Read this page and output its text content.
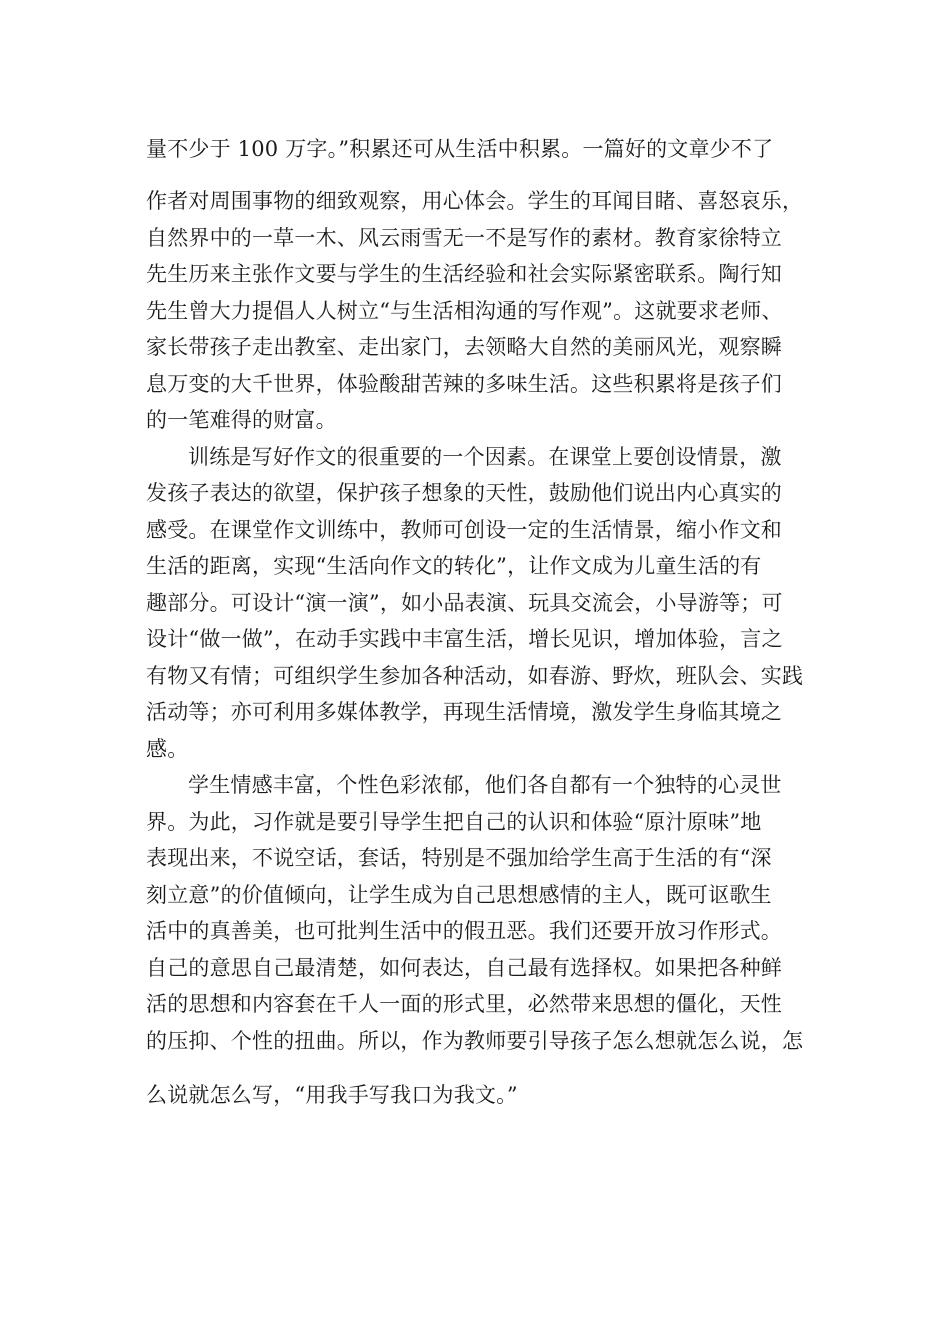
量不少于 100 万字。”积累还可从生活中积累。一篇好的文章少不了
作者对周围事物的细致观察，用心体会。学生的耳闻目睹、喜怒哀乐，
自然界中的一草一木、风云雨雪无一不是写作的素材。教育家徐特立
先生历来主张作文要与学生的生活经验和社会实际紧密联系。陶行知
先生曾大力提倡人人树立“与生活相沟通的写作观”。这就要求老师、
家长带孩子走出教室、走出家门，去领略大自然的美丽风光，观察瞬
息万变的大千世界，体验酸甜苦辣的多味生活。这些积累将是孩子们
的一笔难得的财富。
训练是写好作文的很重要的一个因素。在课堂上要创设情景，激
发孩子表达的欲望，保护孩子想象的天性，鼓励他们说出内心真实的
感受。在课堂作文训练中，教师可创设一定的生活情景，缩小作文和
生活的距离，实现“生活向作文的转化”，让作文成为儿童生活的有
趣部分。可设计“演一演”，如小品表演、玩具交流会，小导游等；可
设计“做一做”，在动手实践中丰富生活，增长见识，增加体验，言之
有物又有情；可组织学生参加各种活动，如春游、野炊，班队会、实践
活动等；亦可利用多媒体教学，再现生活情境，激发学生身临其境之
感。
学生情感丰富，个性色彩浓郁，他们各自都有一个独特的心灵世
界。为此，习作就是要引导学生把自己的认识和体验“原汁原味”地
表现出来，不说空话，套话，特别是不强加给学生高于生活的有“深
刻立意”的价值倾向，让学生成为自己思想感情的主人，既可讴歌生
活中的真善美，也可批判生活中的假丑恶。我们还要开放习作形式。
自己的意思自己最清楚，如何表达，自己最有选择权。如果把各种鲜
活的思想和内容套在千人一面的形式里，必然带来思想的僵化，天性
的压抑、个性的扭曲。所以，作为教师要引导孩子怎么想就怎么说，怎
么说就怎么写，“用我手写我口为我文。”
